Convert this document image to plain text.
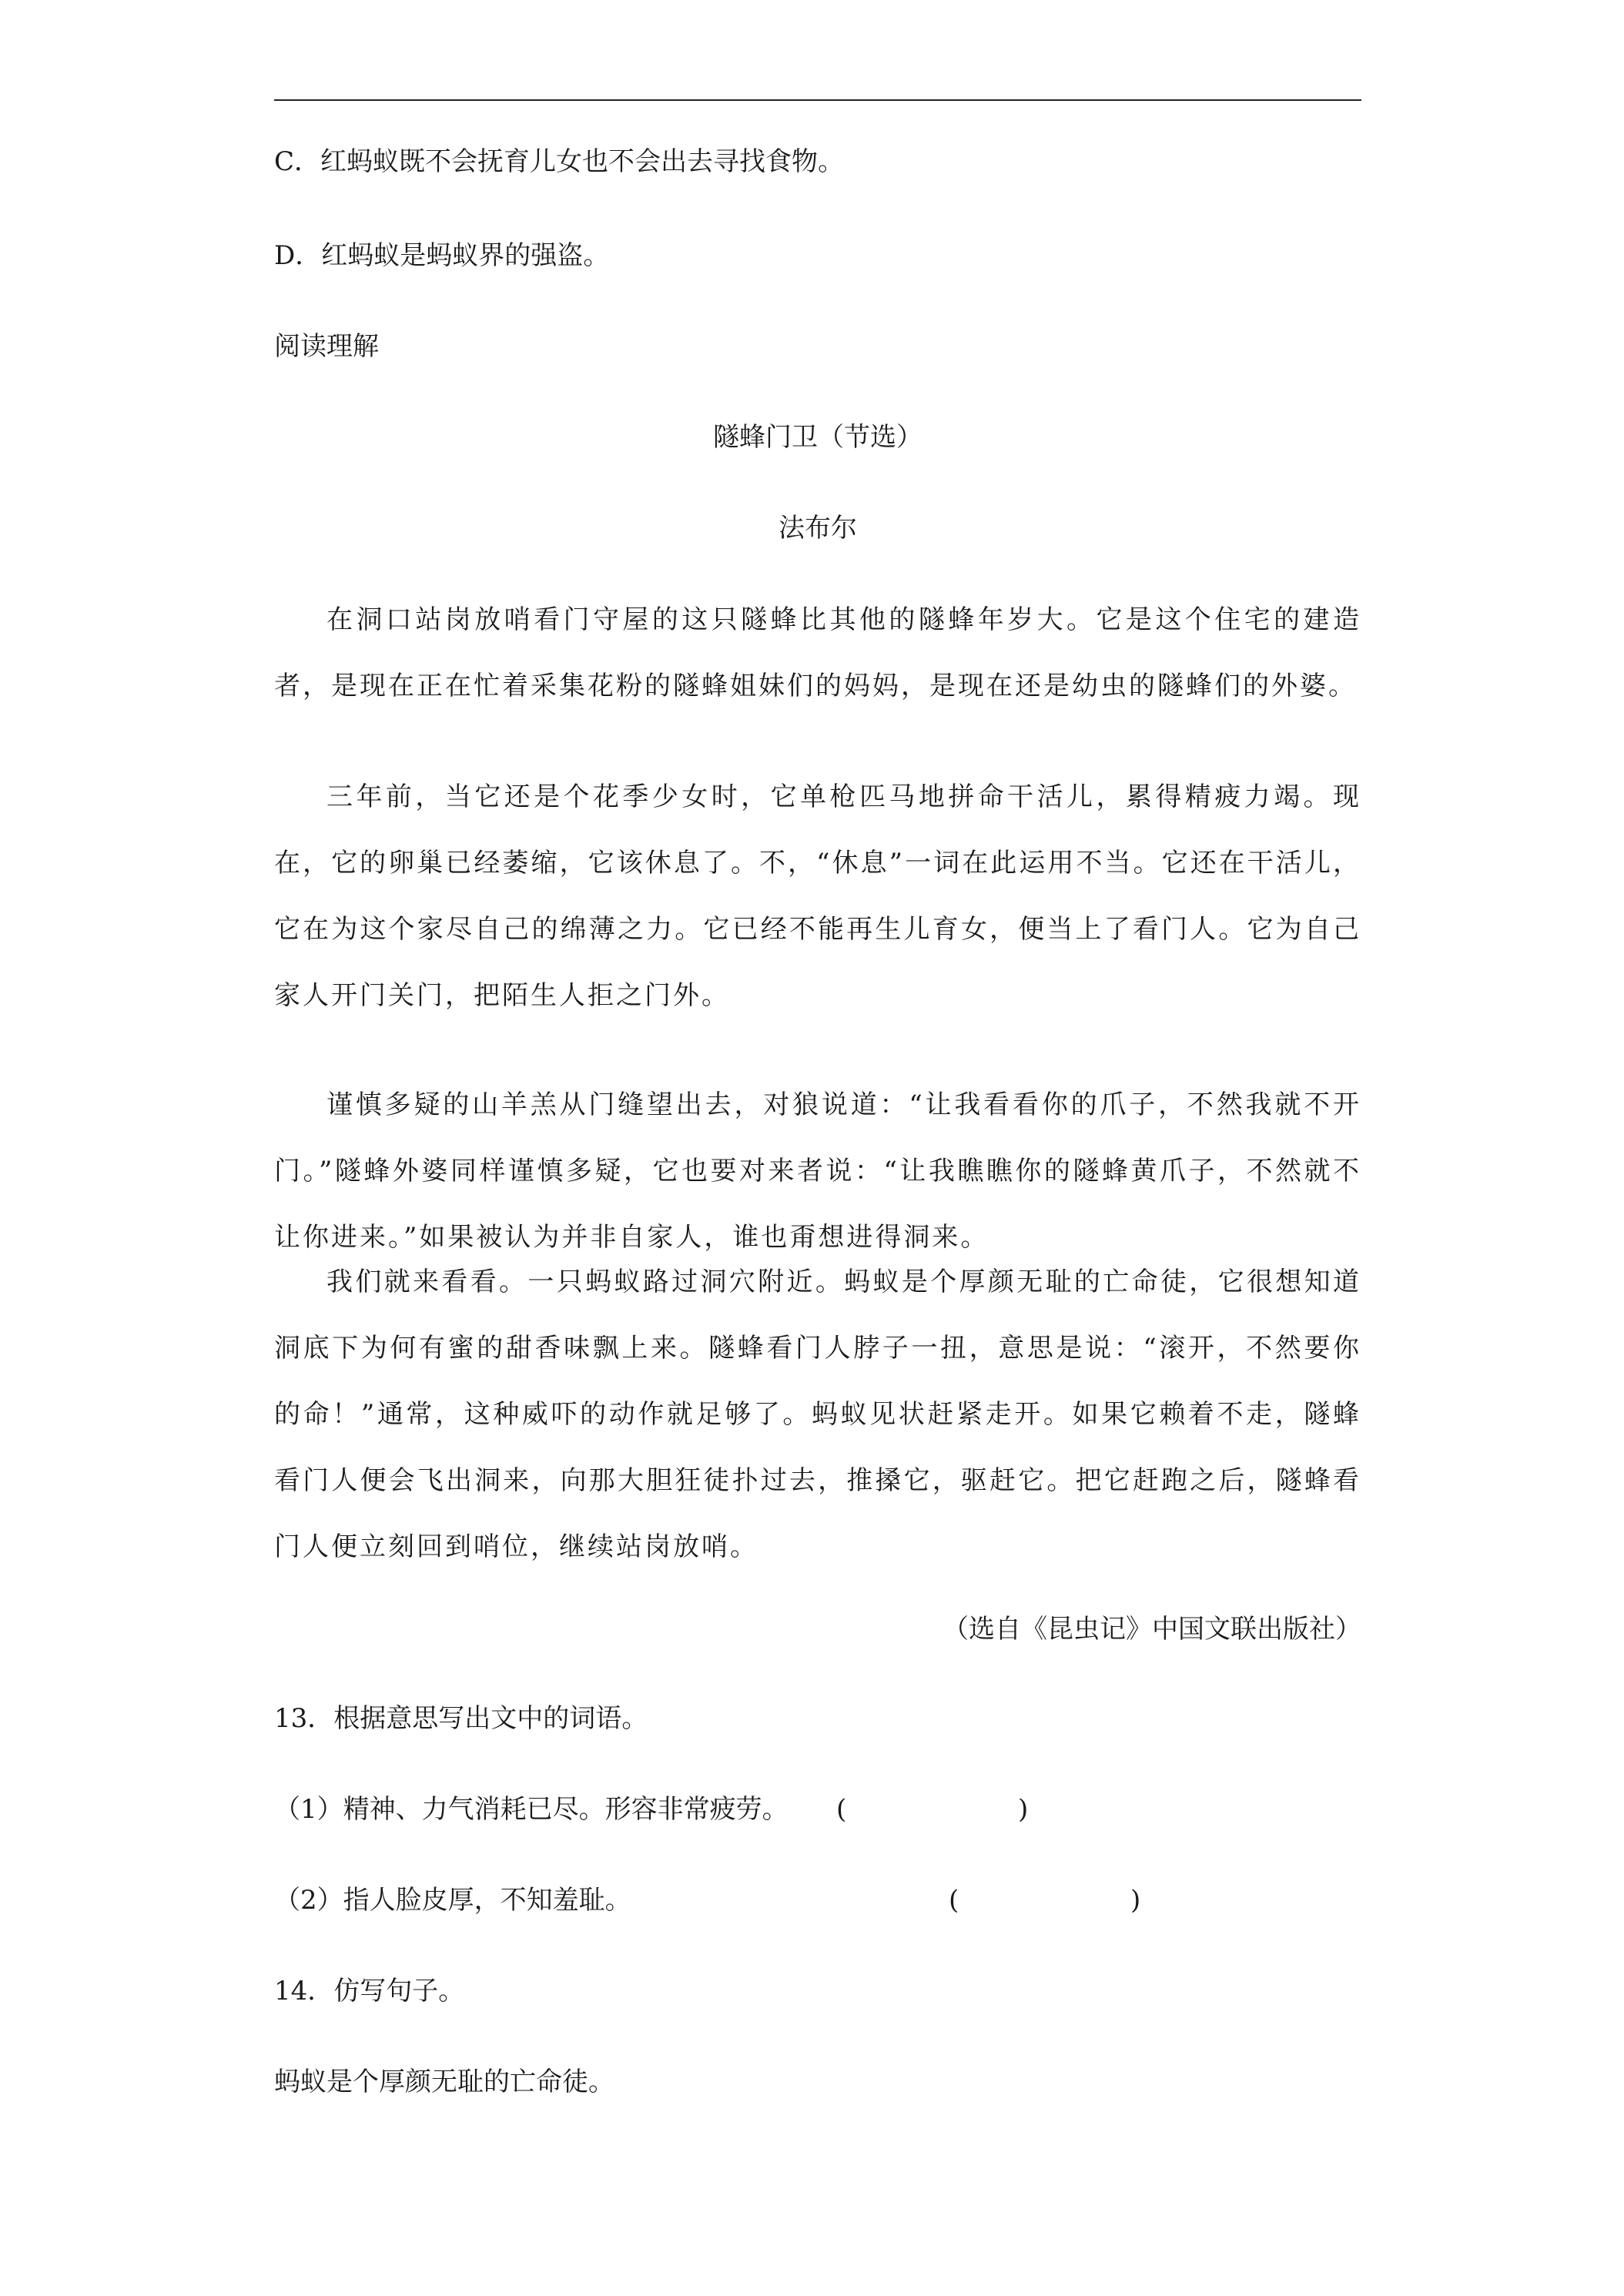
C．红蚂蚁既不会抚育儿女也不会出去寻找食物。
D．红蚂蚁是蚂蚁界的强盗。
阅读理解
隧蜂门卫（节选）
法布尔
在洞口站岗放哨看门守屋的这只隧蜂比其他的隧蜂年岁大。它是这个住宅的建造者，是现在正在忙着采集花粉的隧蜂姐妹们的妈妈，是现在还是幼虫的隧蜂们的外婆。
三年前，当它还是个花季少女时，它单枪匹马地拼命干活儿，累得精疲力竭。现在，它的卵巢已经萎缩，它该休息了。不，“休息”一词在此运用不当。它还在干活儿，它在为这个家尽自己的绵薄之力。它已经不能再生儿育女，便当上了看门人。它为自己家人开门关门，把陌生人拒之门外。
谨慎多疑的山羊羔从门缝望出去，对狼说道：“让我看看你的爪子，不然我就不开门。”隧蜂外婆同样谨慎多疑，它也要对来者说：“让我瞧瞧你的隧蜂黄爪子，不然就不让你进来。”如果被认为并非自家人，谁也甭想进得洞来。
我们就来看看。一只蚂蚁路过洞穴附近。蚂蚁是个厚颜无耻的亡命徒，它很想知道洞底下为何有蜜的甜香味飘上来。隧蜂看门人脖子一扭，意思是说：“滚开，不然要你的命！”通常，这种威吓的动作就足够了。蚂蚁见状赶紧走开。如果它赖着不走，隧蜂看门人便会飞出洞来，向那大胆狂徒扑过去，推搡它，驱赶它。把它赶跑之后，隧蜂看门人便立刻回到哨位，继续站岗放哨。
（选自《昆虫记》中国文联出版社）
13．根据意思写出文中的词语。
（1）精神、力气消耗已尽。形容非常疲劳。 (	)
（2）指人脸皮厚，不知羞耻。	(	)
14．仿写句子。
蚂蚁是个厚颜无耻的亡命徒。
